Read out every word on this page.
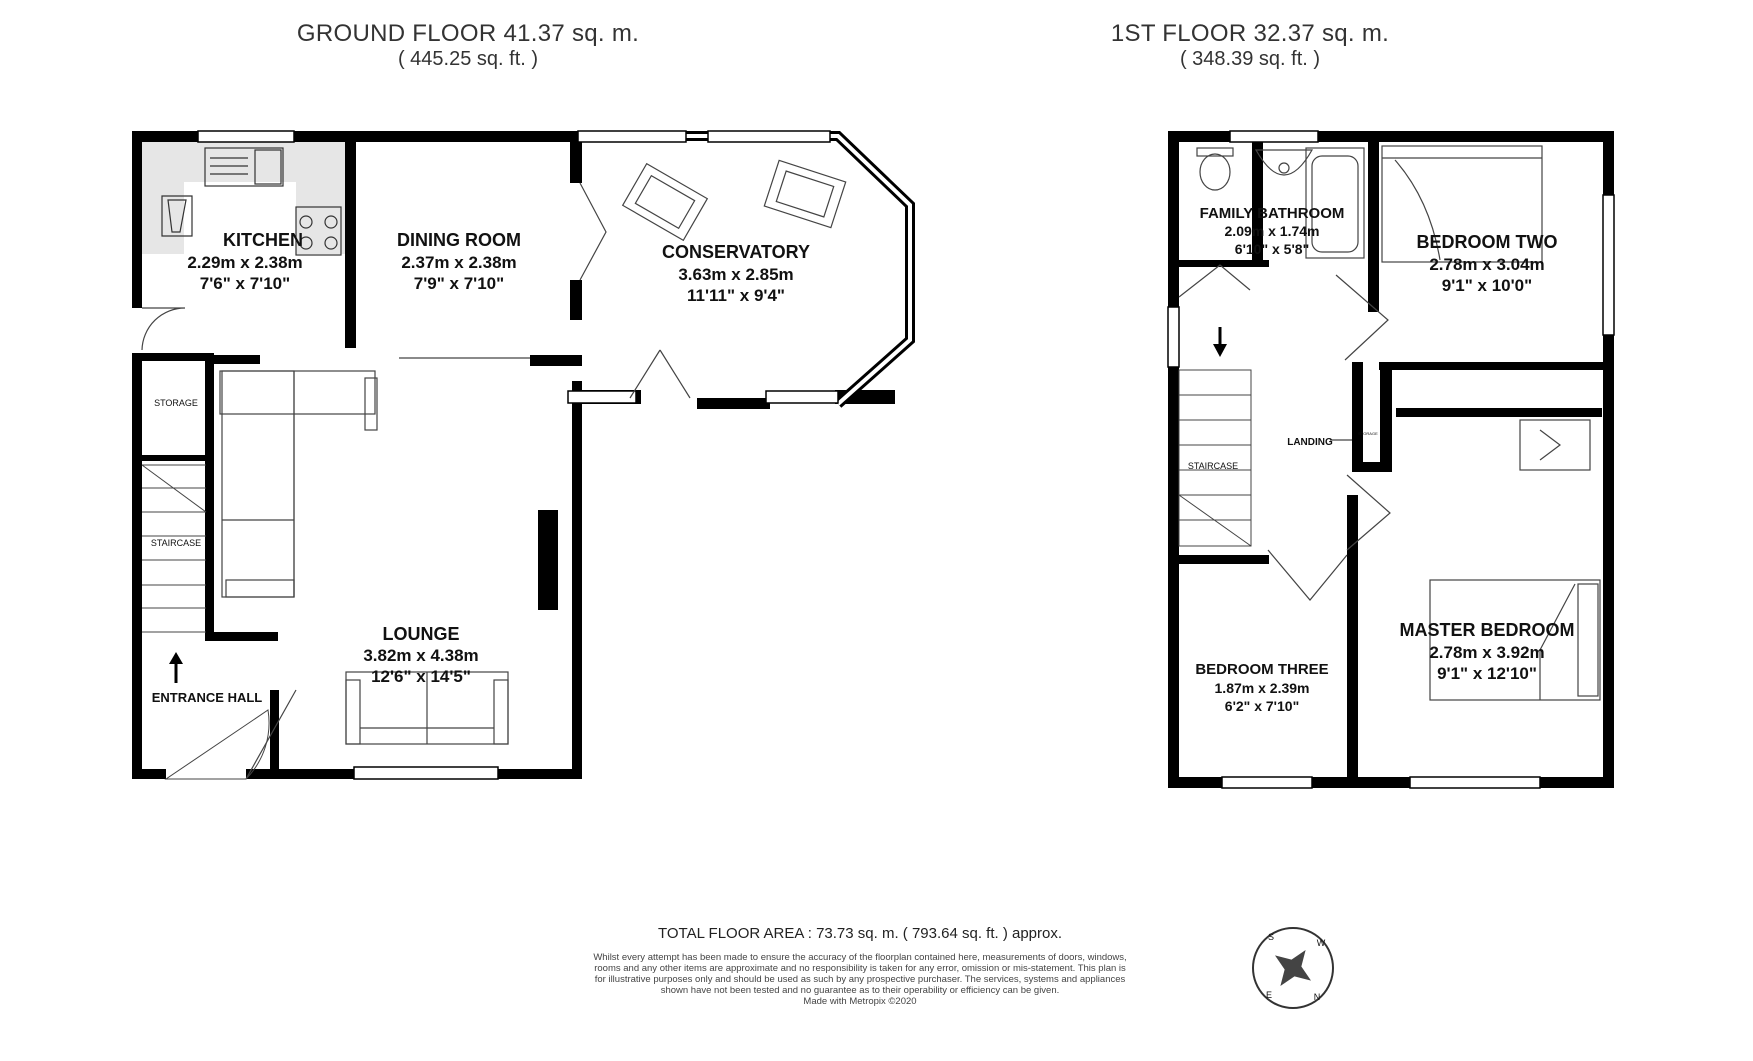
GROUND FLOOR 41.37 sq. m.
( 445.25 sq. ft. )
1ST FLOOR 32.37 sq. m.
( 348.39 sq. ft. )
KITCHEN
2.29m x 2.38m
7'6" x 7'10"
DINING ROOM
2.37m x 2.38m
7'9" x 7'10"
CONSERVATORY
3.63m x 2.85m
11'11" x 9'4"
LOUNGE
3.82m x 4.38m
12'6" x 14'5"
STORAGE
STAIRCASE
ENTRANCE HALL
FAMILY BATHROOM
2.09m x 1.74m
6'10" x 5'8"	BEDROOM TWO
2.78m x 3.04m
9'1" x 10'0"
BEDROOM THREE
1.87m x 2.39m
6'2" x 7'10"
MASTER BEDROOM
2.78m x 3.92m
9'1" x 12'10"
LANDING
STAIRCASE
STORAGE
S
W
N
E
TOTAL FLOOR AREA : 73.73 sq. m. ( 793.64 sq. ft. ) approx.
Whilst every attempt has been made to ensure the accuracy of the floorplan contained here, measurements of doors, windows, rooms and any other items are approximate and no responsibility is taken for any error, omission or mis-statement. This plan is for illustrative purposes only and should be used as such by any prospective purchaser. The services, systems and appliances shown have not been tested and no guarantee as to their operability or efficiency can be given.
Made with Metropix ©2020
